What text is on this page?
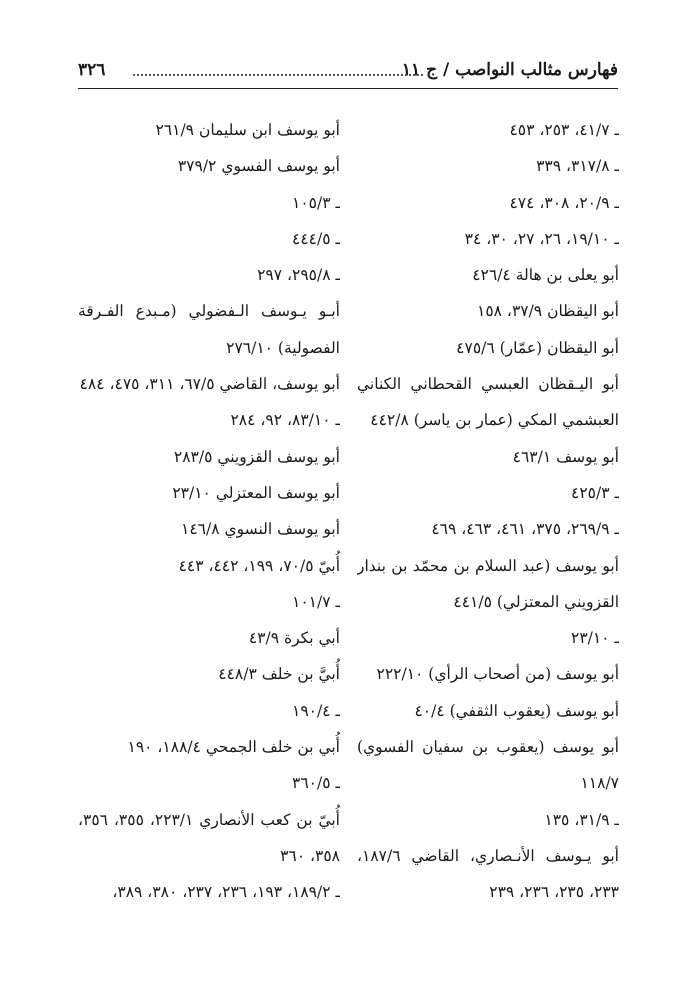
فهارس مثالب النواصب / ج ١١
٣٢٦
ـ ٤١/٧، ٢٥٣، ٤٥٣
ـ ٣١٧/٨، ٣٣٩
ـ ٢٠/٩، ٣٠٨، ٤٧٤
ـ ١٩/١٠، ٢٦، ٢٧، ٣٠، ٣٤
أبو يعلى بن هالة ٤٢٦/٤
أبو اليقظان ٣٧/٩، ١٥٨
أبو اليقظان (عمّار) ٤٧٥/٦
أبو اليـقظان العبسي القحطاني الكناني
العبشمي المكي (عمار بن ياسر) ٤٤٢/٨
أبو يوسف ٤٦٣/١
ـ ٤٢٥/٣
ـ ٢٦٩/٩، ٣٧٥، ٤٦١، ٤٦٣، ٤٦٩
أبو يوسف (عبد السلام بن محمّد بن بندار
القزويني المعتزلي) ٤٤١/٥
ـ ٢٣/١٠
أبو يوسف (من أصحاب الرأي) ٢٢٢/١٠
أبو يوسف (يعقوب الثقفي) ٤٠/٤
أبو يوسف (يعقوب بن سفيان الفسوي)
١١٨/٧
ـ ٣١/٩، ١٣٥
أبو يـوسف الأنـصاري، القاضي ١٨٧/٦،
٢٣٣، ٢٣٥، ٢٣٦، ٢٣٩
أبو يوسف ابن سليمان ٢٦١/٩
أبو يوسف الفسوي ٣٧٩/٢
ـ ١٠٥/٣
ـ ٤٤٤/٥
ـ ٢٩٥/٨، ٢٩٧
أبـو يـوسف الـفضولي (مـبدع الفـرقة
الفصولية) ٢٧٦/١٠
أبو يوسف، القاضي ٦٧/٥، ٣١١، ٤٧٥، ٤٨٤
ـ ٨٣/١٠، ٩٢، ٢٨٤
أبو يوسف القزويني ٢٨٣/٥
أبو يوسف المعتزلي ٢٣/١٠
أبو يوسف النسوي ١٤٦/٨
أُبيّ ٧٠/٥، ١٩٩، ٤٤٢، ٤٤٣
ـ ١٠١/٧
أبي بكرة ٤٣/٩
أُبيَّ بن خلف ٤٤٨/٣
ـ ١٩٠/٤
أُبي بن خلف الجمحي ١٨٨/٤، ١٩٠
ـ ٣٦٠/٥
أُبيّ بن كعب الأنصاري ٢٢٣/١، ٣٥٥، ٣٥٦،
٣٥٨، ٣٦٠
ـ ١٨٩/٢، ١٩٣، ٢٣٦، ٢٣٧، ٣٨٠، ٣٨٩،
